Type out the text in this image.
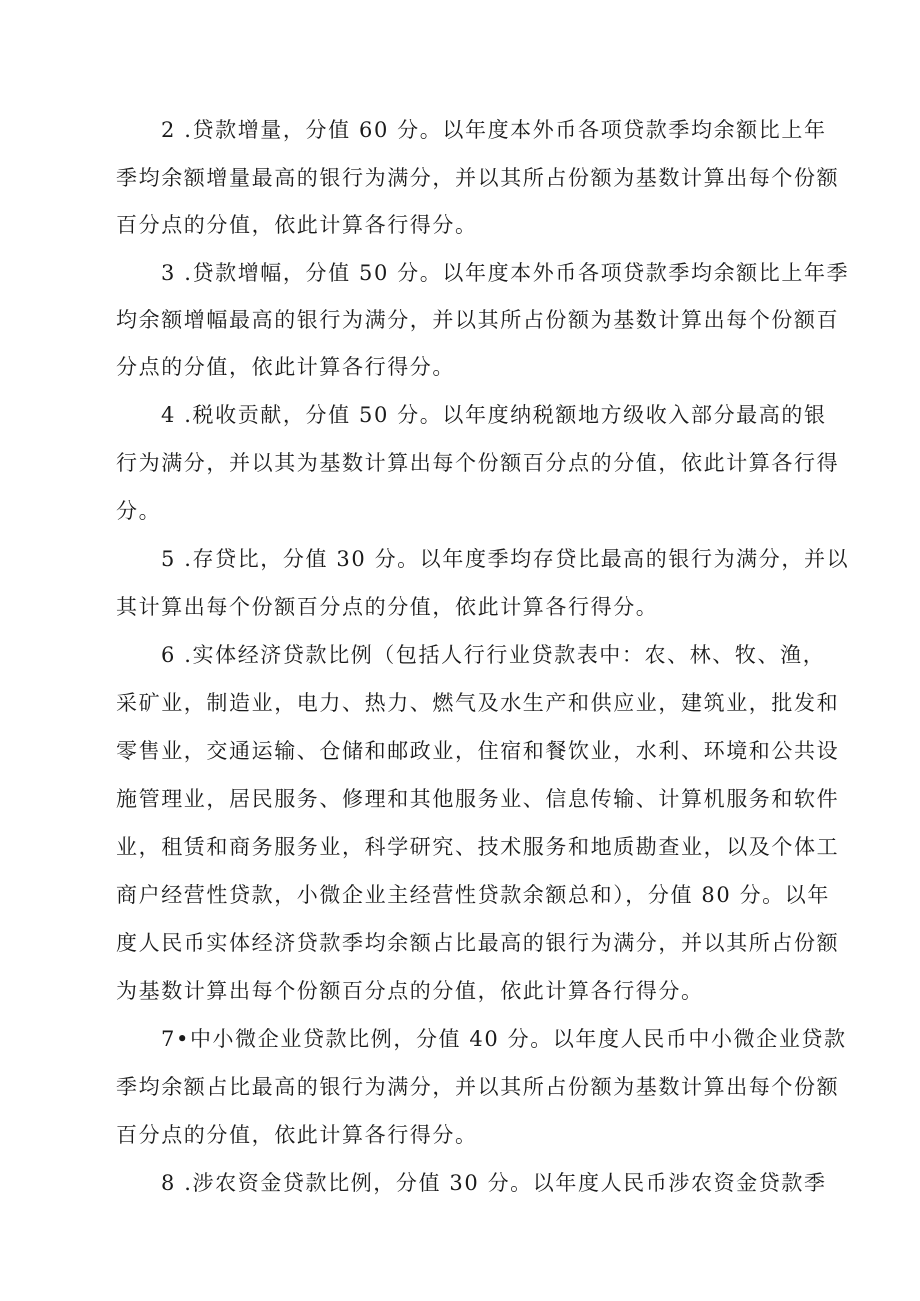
2 .贷款增量，分值 60 分。以年度本外币各项贷款季均余额比上年

季均余额增量最高的银行为满分，并以其所占份额为基数计算出每个份额

百分点的分值，依此计算各行得分。

3 .贷款增幅，分值 50 分。以年度本外币各项贷款季均余额比上年季

均余额增幅最高的银行为满分，并以其所占份额为基数计算出每个份额百

分点的分值，依此计算各行得分。

4 .税收贡献，分值 50 分。以年度纳税额地方级收入部分最高的银

行为满分，并以其为基数计算出每个份额百分点的分值，依此计算各行得

分。

5 .存贷比，分值 30 分。以年度季均存贷比最高的银行为满分，并以

其计算出每个份额百分点的分值，依此计算各行得分。

6 .实体经济贷款比例（包括人行行业贷款表中：农、林、牧、渔，

采矿业，制造业，电力、热力、燃气及水生产和供应业，建筑业，批发和

零售业，交通运输、仓储和邮政业，住宿和餐饮业，水利、环境和公共设

施管理业，居民服务、修理和其他服务业、信息传输、计算机服务和软件

业，租赁和商务服务业，科学研究、技术服务和地质勘查业，以及个体工

商户经营性贷款，小微企业主经营性贷款余额总和），分值 80 分。以年

度人民币实体经济贷款季均余额占比最高的银行为满分，并以其所占份额

为基数计算出每个份额百分点的分值，依此计算各行得分。

7•中小微企业贷款比例，分值 40 分。以年度人民币中小微企业贷款

季均余额占比最高的银行为满分，并以其所占份额为基数计算出每个份额

百分点的分值，依此计算各行得分。

8 .涉农资金贷款比例，分值 30 分。以年度人民币涉农资金贷款季
